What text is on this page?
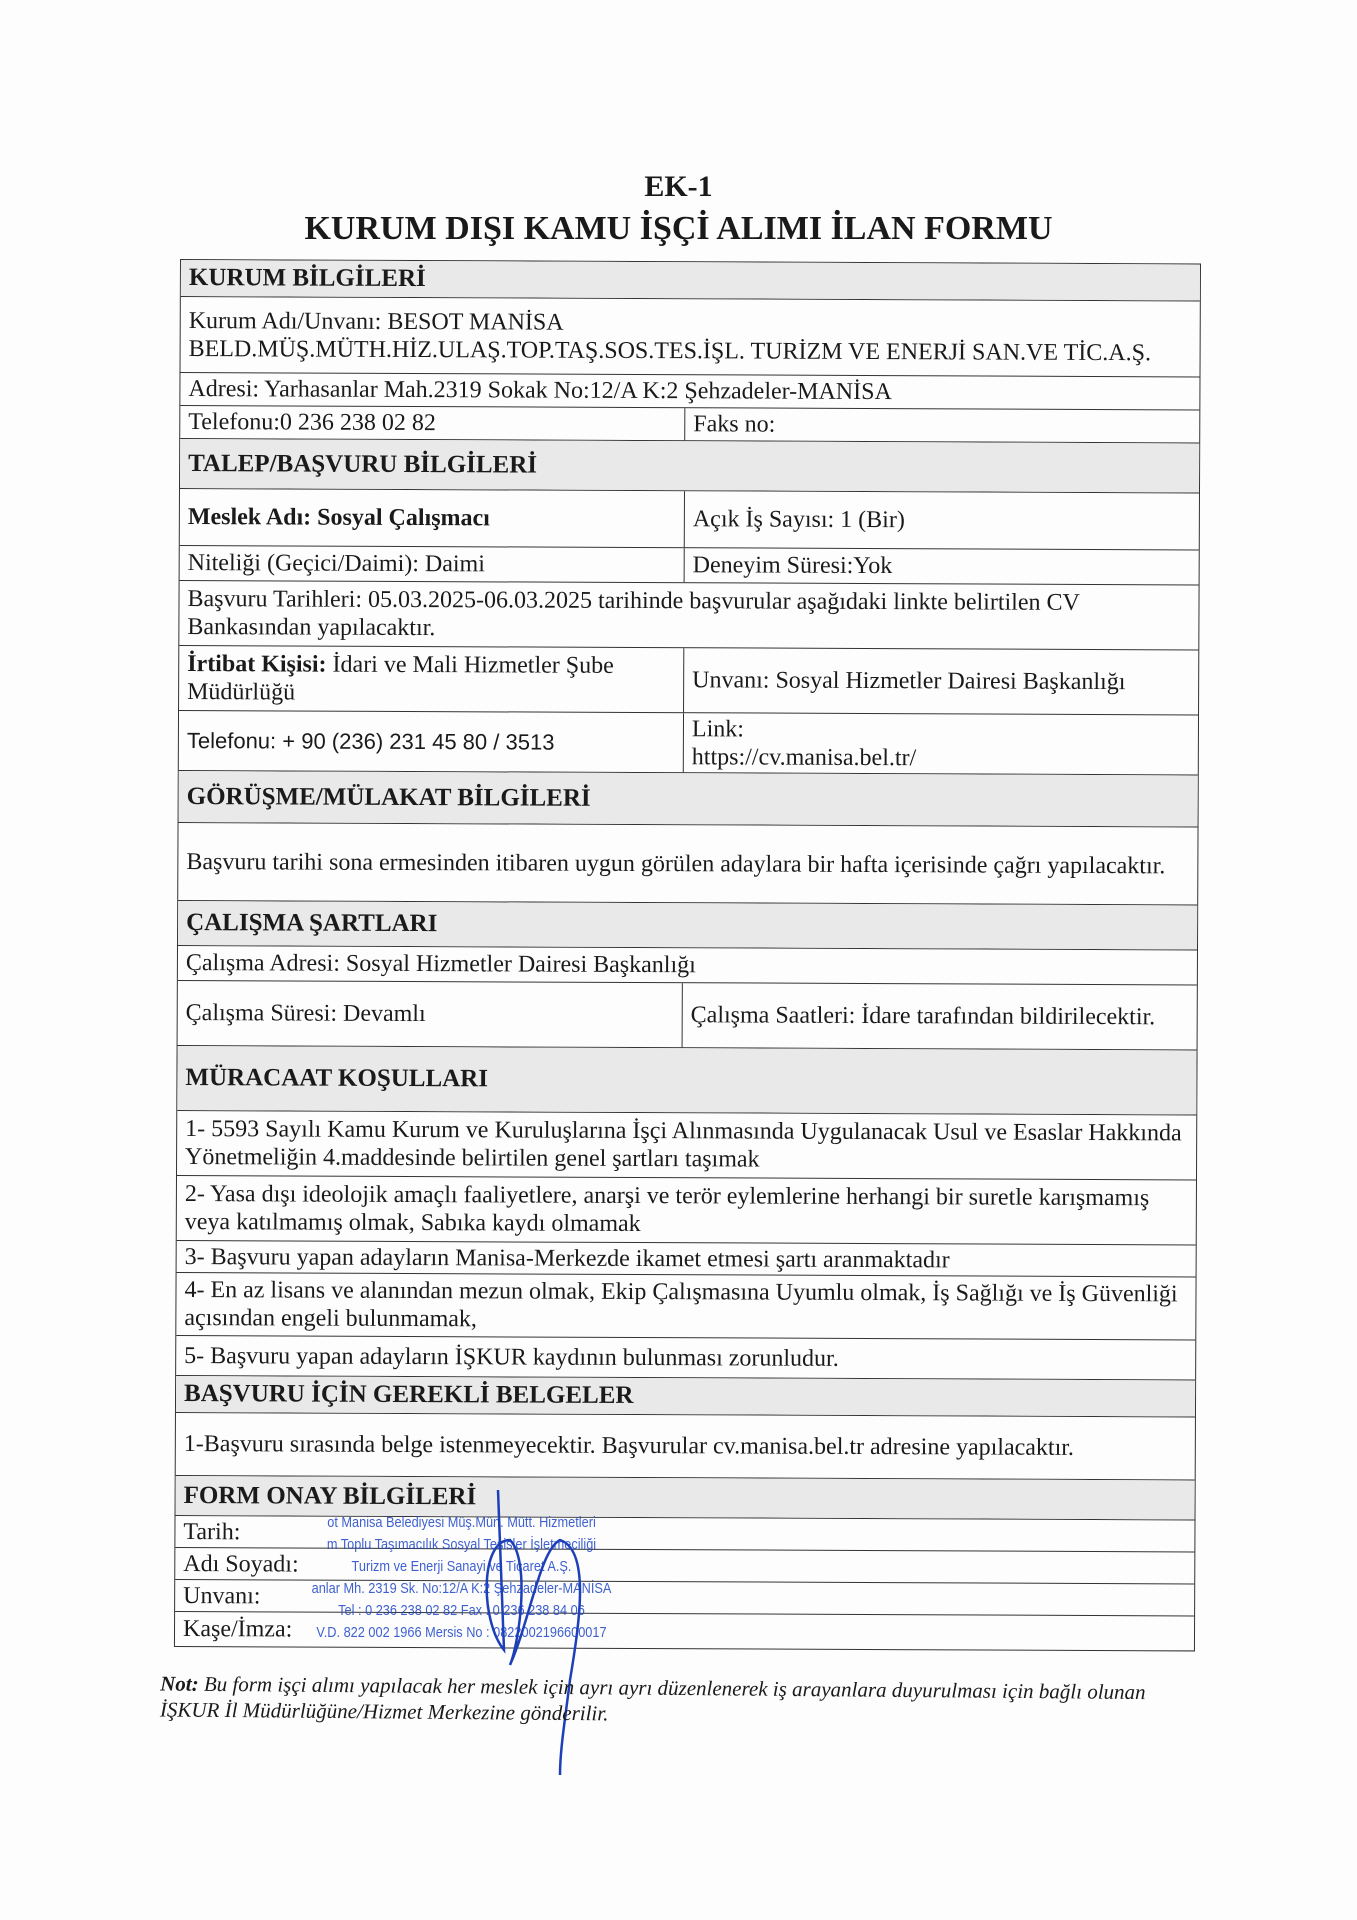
EK-1
KURUM DIŞI KAMU İŞÇİ ALIMI İLAN FORMU
KURUM BİLGİLERİ
Kurum Adı/Unvanı: BESOT MANİSA
BELD.MÜŞ.MÜTH.HİZ.ULAŞ.TOP.TAŞ.SOS.TES.İŞL. TURİZM VE ENERJİ SAN.VE TİC.A.Ş.
Adresi: Yarhasanlar Mah.2319 Sokak No:12/A K:2 Şehzadeler-MANİSA
Telefonu:0 236 238 02 82	Faks no:
TALEP/BAŞVURU BİLGİLERİ
Meslek Adı: Sosyal Çalışmacı	Açık İş Sayısı: 1 (Bir)
Niteliği (Geçici/Daimi): Daimi	Deneyim Süresi:Yok
Başvuru Tarihleri: 05.03.2025-06.03.2025 tarihinde başvurular aşağıdaki linkte belirtilen CV Bankasından yapılacaktır.
İrtibat Kişisi: İdari ve Mali Hizmetler Şube Müdürlüğü	Unvanı: Sosyal Hizmetler Dairesi Başkanlığı
Telefonu: + 90 (236) 231 45 80 / 3513	Link:
https://cv.manisa.bel.tr/
GÖRÜŞME/MÜLAKAT BİLGİLERİ
Başvuru tarihi sona ermesinden itibaren uygun görülen adaylara bir hafta içerisinde çağrı yapılacaktır.
ÇALIŞMA ŞARTLARI
Çalışma Adresi: Sosyal Hizmetler Dairesi Başkanlığı
Çalışma Süresi: Devamlı	Çalışma Saatleri: İdare tarafından bildirilecektir.
MÜRACAAT KOŞULLARI
1- 5593 Sayılı Kamu Kurum ve Kuruluşlarına İşçi Alınmasında Uygulanacak Usul ve Esaslar Hakkında Yönetmeliğin 4.maddesinde belirtilen genel şartları taşımak
2- Yasa dışı ideolojik amaçlı faaliyetlere, anarşi ve terör eylemlerine herhangi bir suretle karışmamış veya katılmamış olmak, Sabıka kaydı olmamak
3- Başvuru yapan adayların Manisa-Merkezde ikamet etmesi şartı aranmaktadır
4- En az lisans ve alanından mezun olmak, Ekip Çalışmasına Uyumlu olmak, İş Sağlığı ve İş Güvenliği açısından engeli bulunmamak,
5- Başvuru yapan adayların İŞKUR kaydının bulunması zorunludur.
BAŞVURU İÇİN GEREKLİ BELGELER
1-Başvuru sırasında belge istenmeyecektir. Başvurular cv.manisa.bel.tr adresine yapılacaktır.
FORM ONAY BİLGİLERİ
Tarih:
Adı Soyadı:
Unvanı:
Kaşe/İmza:
ot Manisa Belediyesi Müş.Mün. Mütt. Hizmetleri
m Toplu Taşımacılık Sosyal Tesisler İşletmeciliği
Turizm ve Enerji Sanayi ve Ticaret A.Ş.
anlar Mh. 2319 Sk. No:12/A K:2 Şehzadeler-MANİSA
Tel : 0 236 238 02 82 Fax : 0 236 238 84 06
V.D. 822 002 1966 Mersis No : 0822002196600017
Not: Bu form işçi alımı yapılacak her meslek için ayrı ayrı düzenlenerek iş arayanlara duyurulması için bağlı olunan İŞKUR İl Müdürlüğüne/Hizmet Merkezine gönderilir.
